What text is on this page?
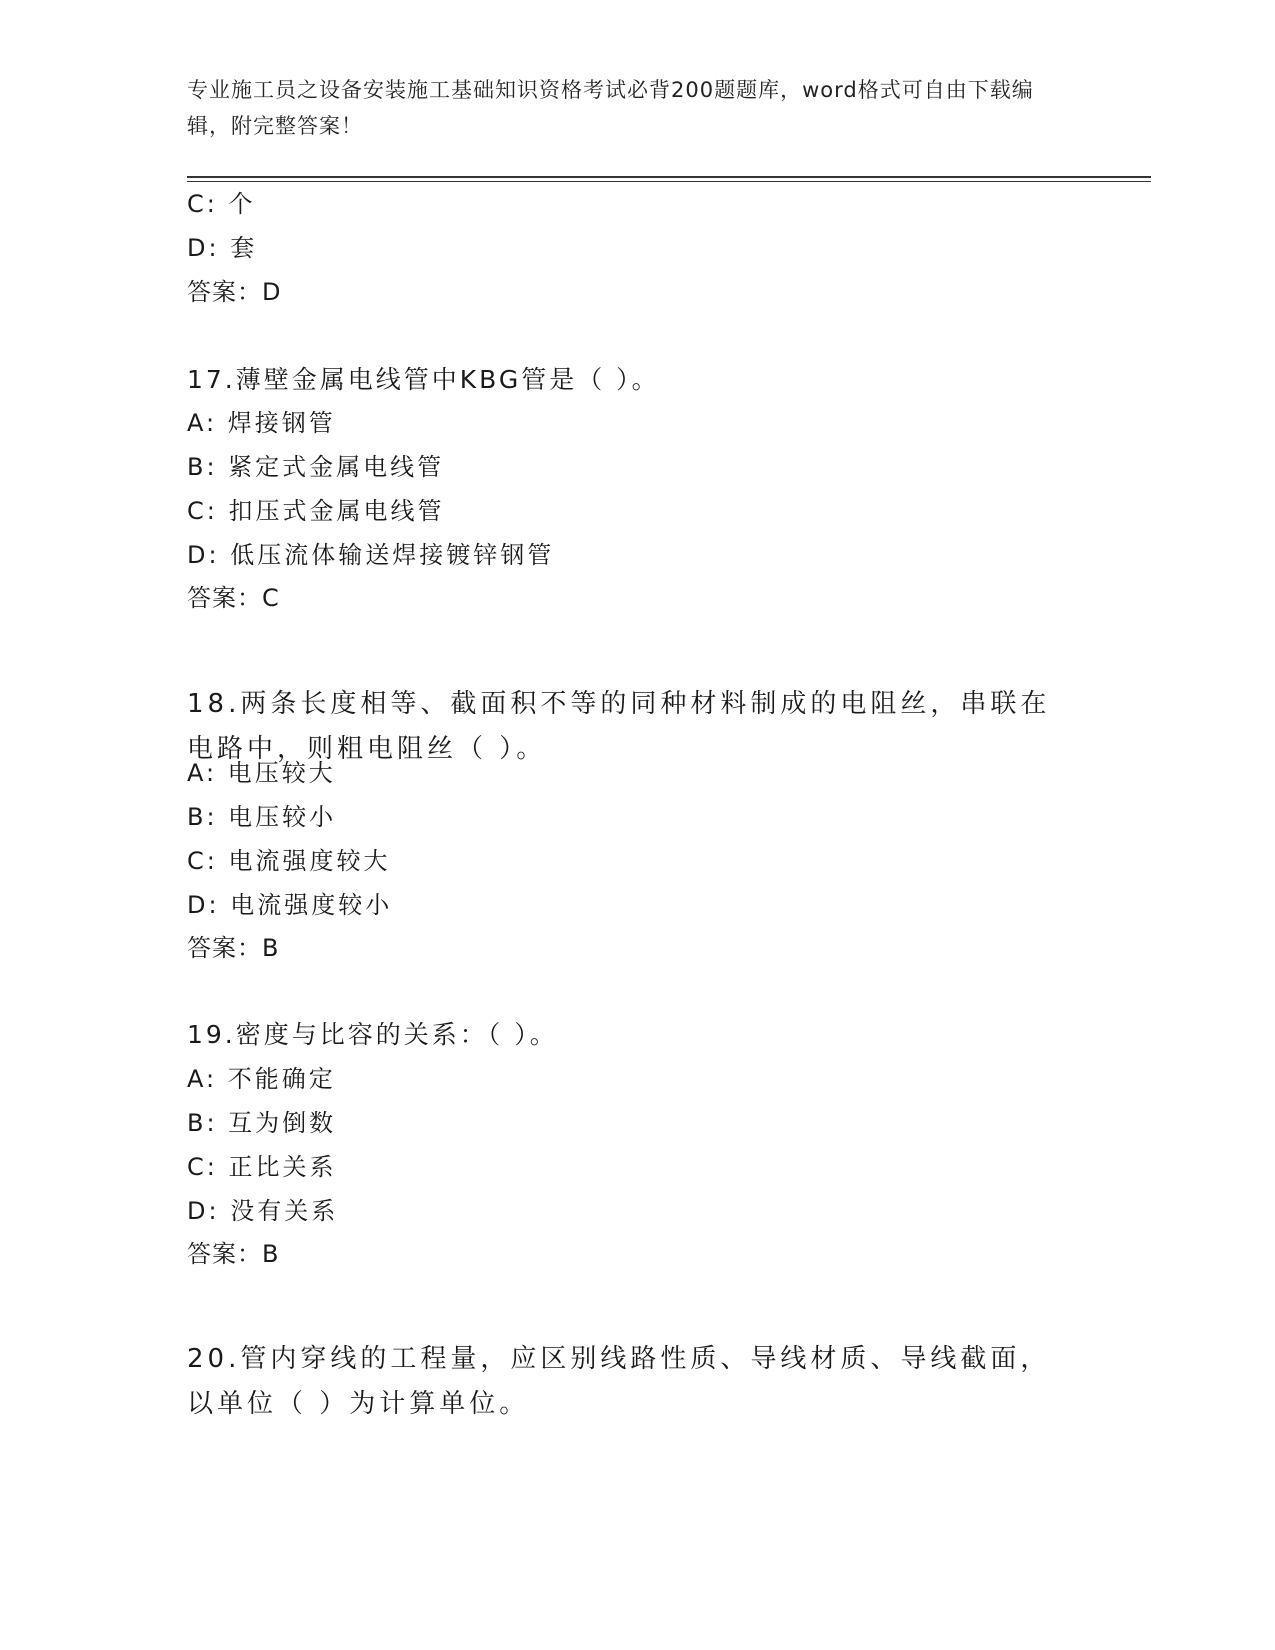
专业施工员之设备安装施工基础知识资格考试必背200题题库，word格式可自由下载编辑，附完整答案！
C: 个
D: 套
答案：D
17.薄壁金属电线管中KBG管是（ ）。
A: 焊接钢管
B: 紧定式金属电线管
C: 扣压式金属电线管
D: 低压流体输送焊接镀锌钢管
答案：C
18.两条长度相等、截面积不等的同种材料制成的电阻丝，串联在电路中，则粗电阻丝（ ）。
A: 电压较大
B: 电压较小
C: 电流强度较大
D: 电流强度较小
答案：B
19.密度与比容的关系：（ ）。
A: 不能确定
B: 互为倒数
C: 正比关系
D: 没有关系
答案：B
20.管内穿线的工程量，应区别线路性质、导线材质、导线截面，以单位（ ）为计算单位。
